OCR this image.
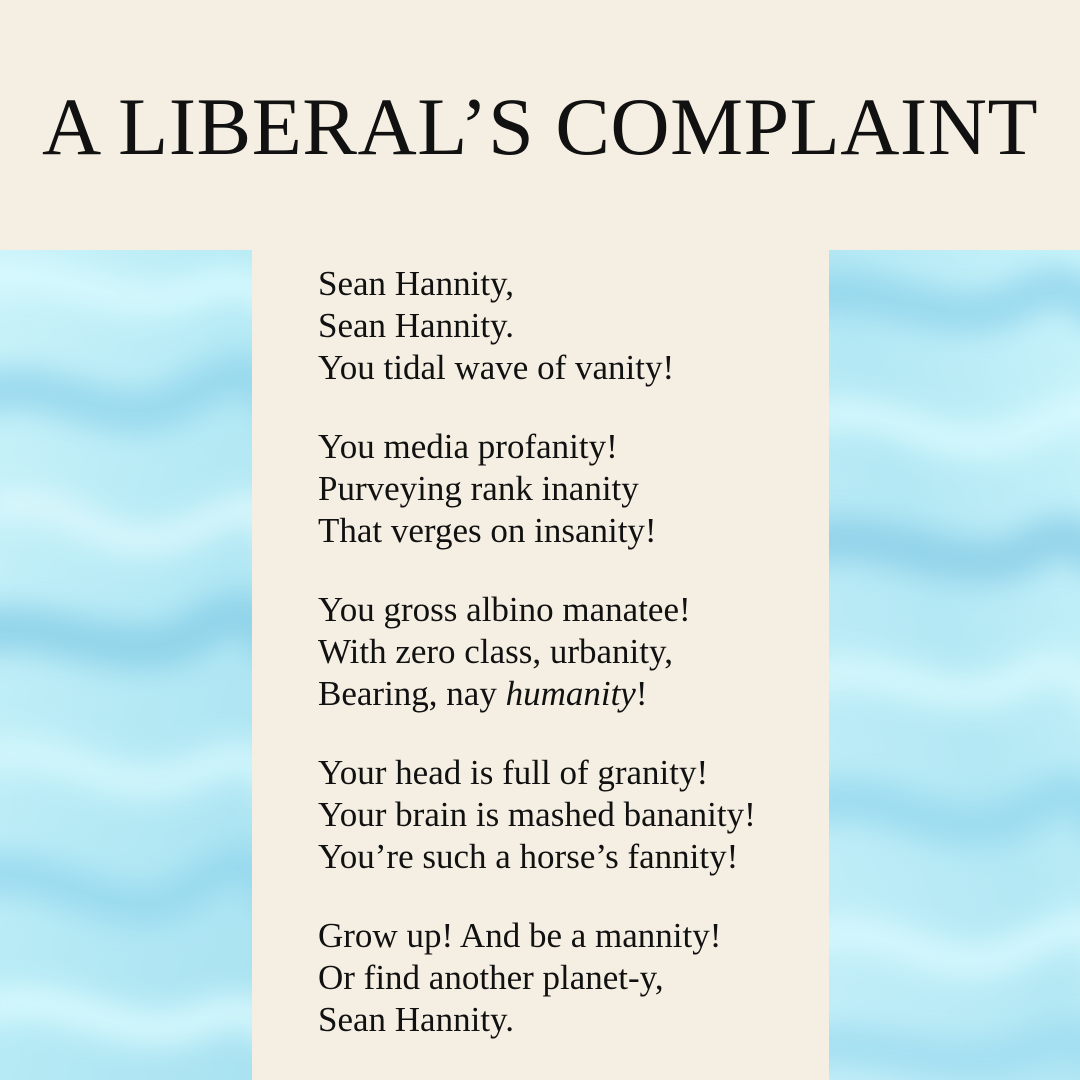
A LIBERAL’S COMPLAINT
Sean Hannity,
Sean Hannity.
You tidal wave of vanity!
You media profanity!
Purveying rank inanity
That verges on insanity!
You gross albino manatee!
With zero class, urbanity,
Bearing, nay humanity!
Your head is full of granity!
Your brain is mashed bananity!
You’re such a horse’s fannity!
Grow up! And be a mannity!
Or find another planet-y,
Sean Hannity.
